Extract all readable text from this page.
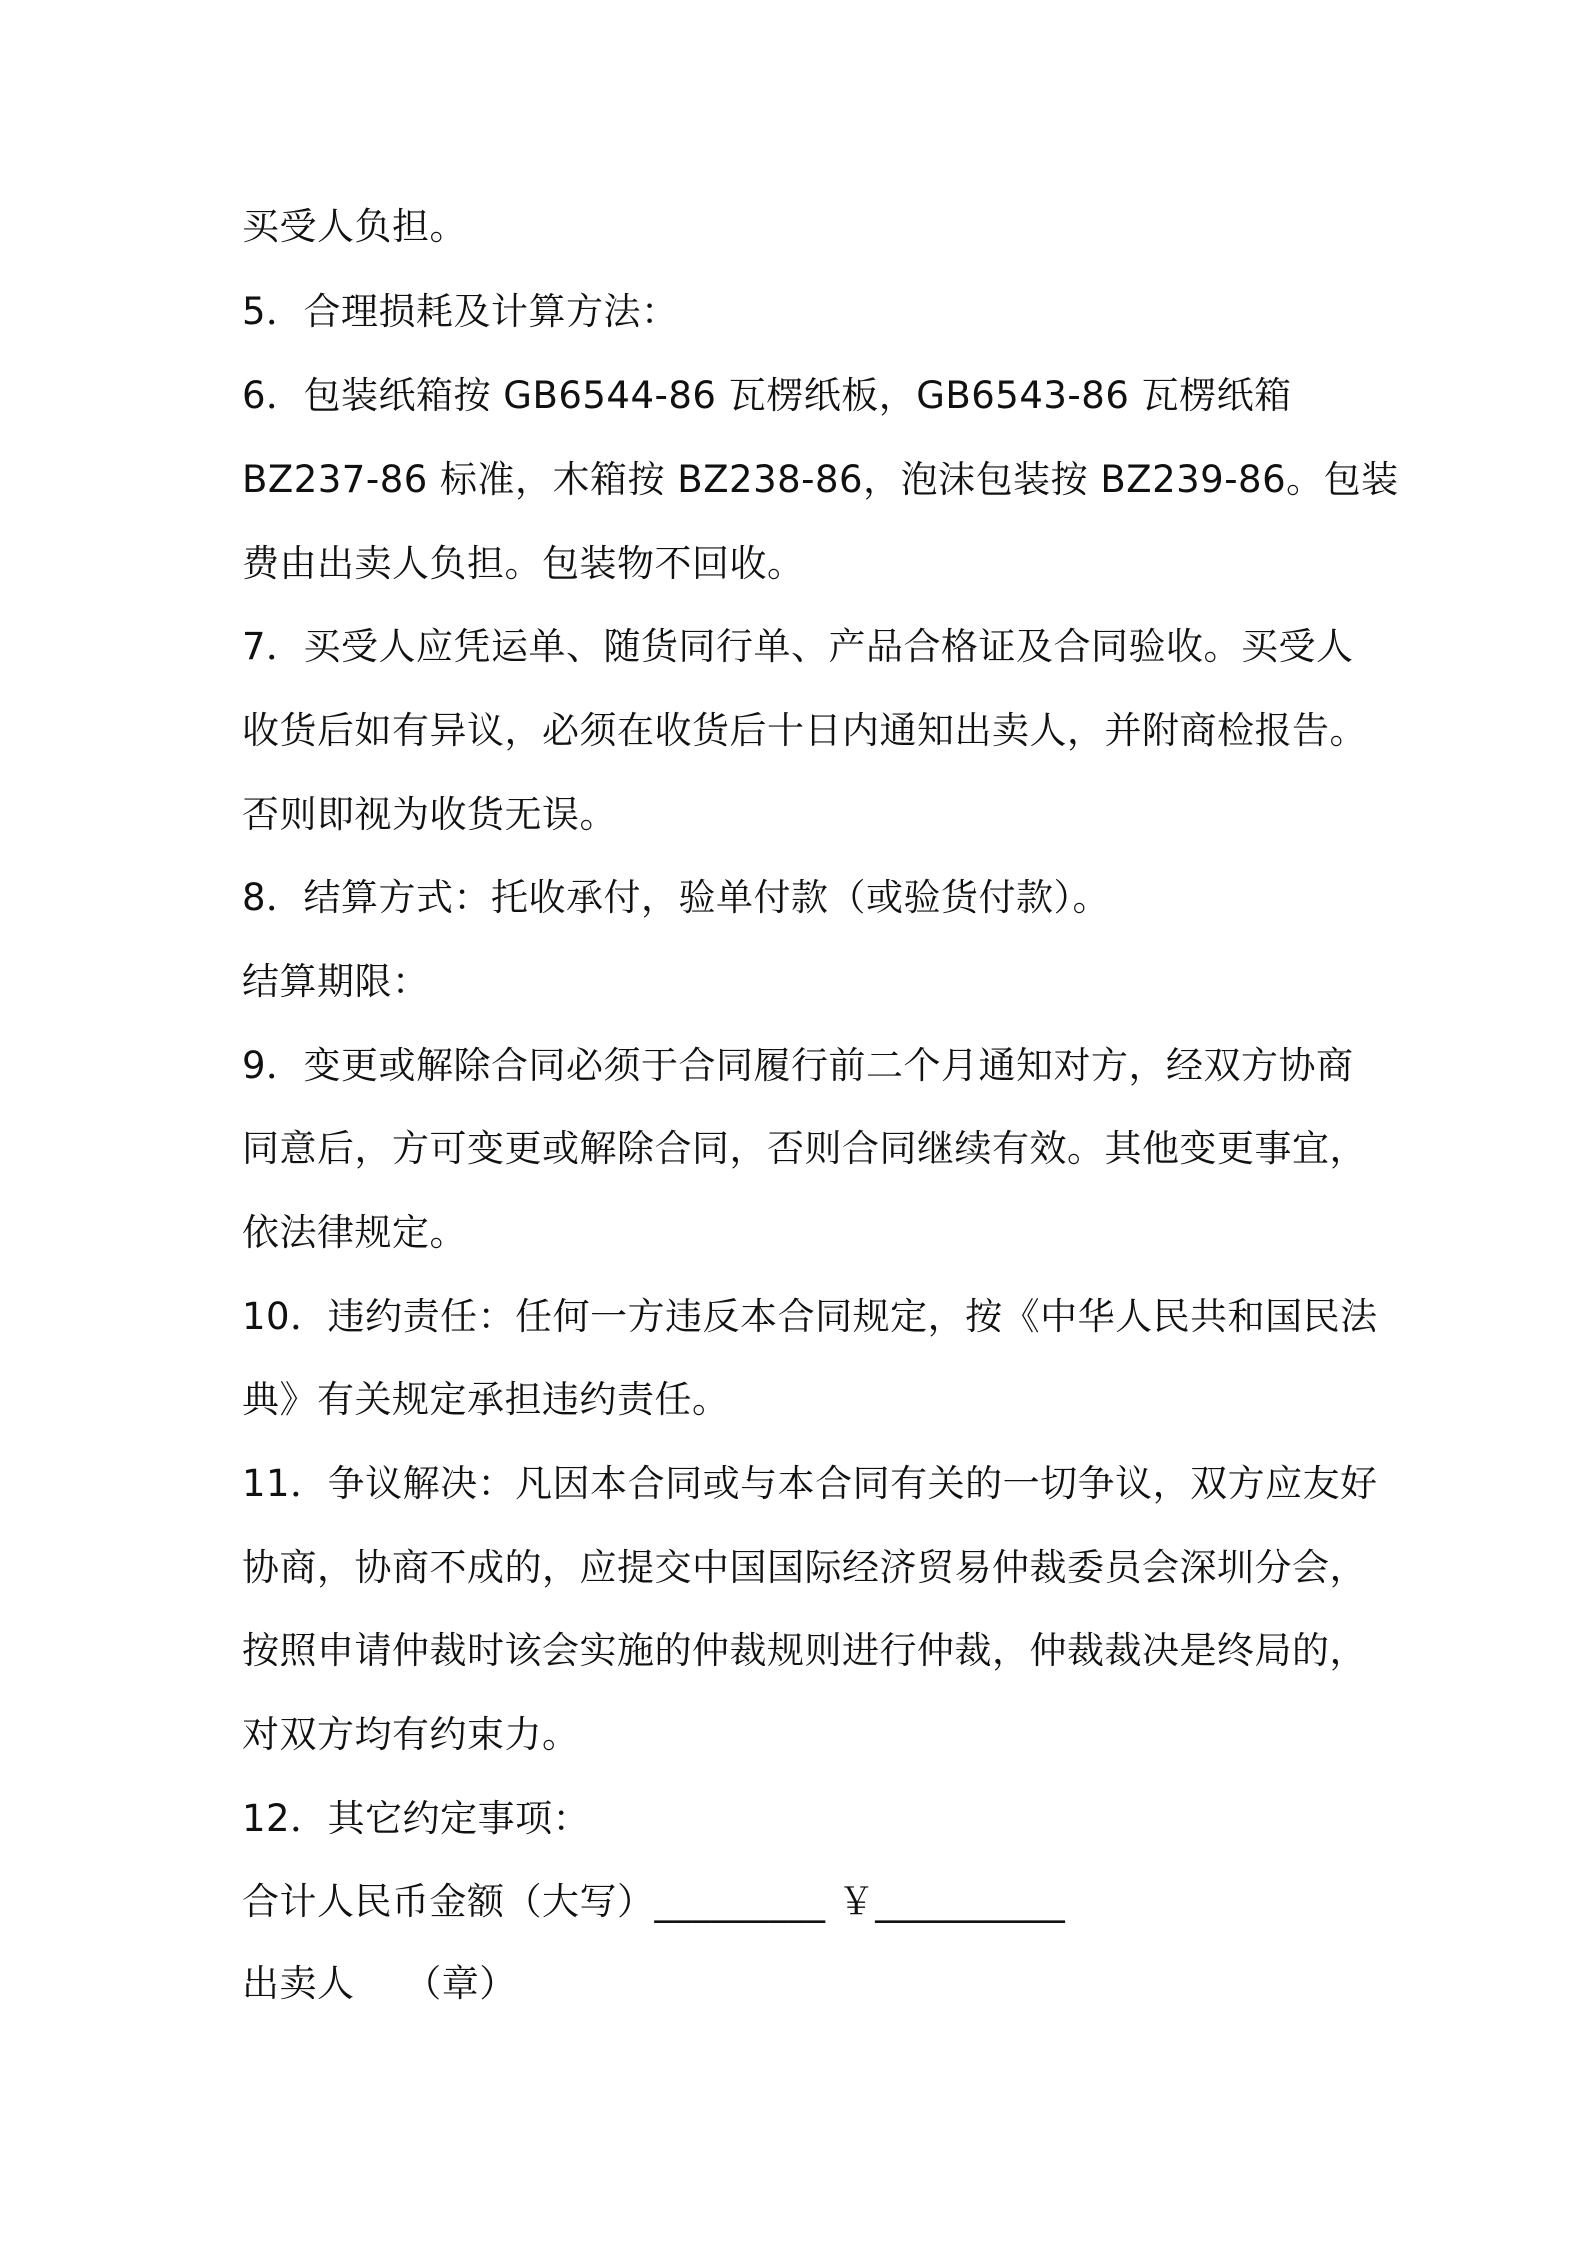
买受人负担。
5．合理损耗及计算方法：
6．包装纸箱按 GB6544-86 瓦楞纸板，GB6543-86 瓦楞纸箱
BZ237-86 标准，木箱按 BZ238-86，泡沫包装按 BZ239-86。包装
费由出卖人负担。包装物不回收。
7．买受人应凭运单、随货同行单、产品合格证及合同验收。买受人
收货后如有异议，必须在收货后十日内通知出卖人，并附商检报告。
否则即视为收货无误。
8．结算方式：托收承付，验单付款（或验货付款）。
结算期限：
9．变更或解除合同必须于合同履行前二个月通知对方，经双方协商
同意后，方可变更或解除合同，否则合同继续有效。其他变更事宜，
依法律规定。
10．违约责任：任何一方违反本合同规定，按《中华人民共和国民法
典》有关规定承担违约责任。
11．争议解决：凡因本合同或与本合同有关的一切争议，双方应友好
协商，协商不成的，应提交中国国际经济贸易仲裁委员会深圳分会，
按照申请仲裁时该会实施的仲裁规则进行仲裁，仲裁裁决是终局的，
对双方均有约束力。
12．其它约定事项：
合计人民币金额（大写）_________ ￥__________
出卖人　 （章）
